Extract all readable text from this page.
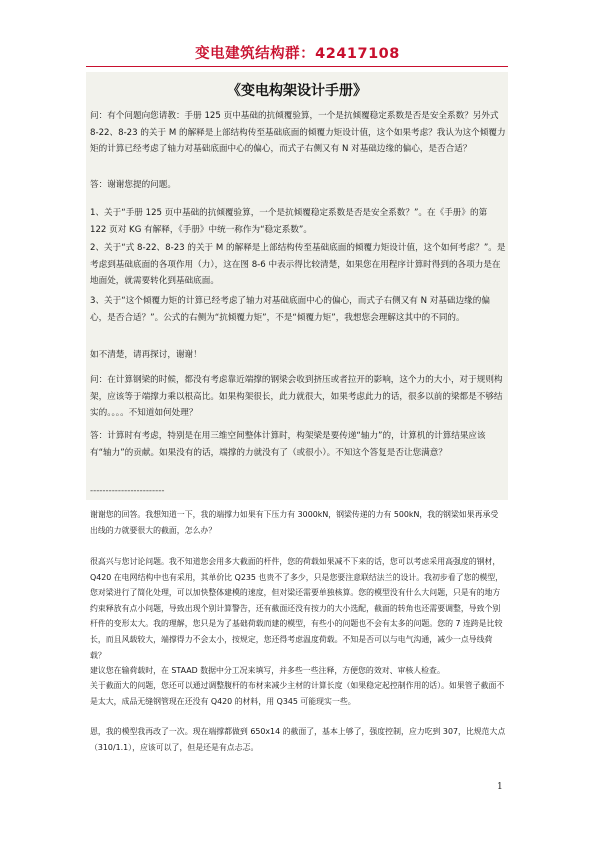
变电建筑结构群：42417108
《变电构架设计手册》

问：有个问题向您请教：手册 125 页中基础的抗倾覆验算，一个是抗倾覆稳定系数是否是安全系数？另外式 8-22、8-23 的关于 M 的解释是上部结构传至基础底面的倾覆力矩设计值，这个如果考虑？我认为这个倾覆力矩的计算已经考虑了轴力对基础底面中心的偏心，而式子右侧又有 N 对基础边缘的偏心，是否合适？

答：谢谢您提的问题。

1、关于“手册 125 页中基础的抗倾覆验算，一个是抗倾覆稳定系数是否是安全系数？”。在《手册》的第 122 页对 KG 有解释，《手册》中统一称作为“稳定系数”。

2、关于“式 8-22、8-23 的关于 M 的解释是上部结构传至基础底面的倾覆力矩设计值，这个如何考虑？”。是考虑到基础底面的各项作用（力），这在图 8-6 中表示得比较清楚，如果您在用程序计算时得到的各项力是在地面处，就需要转化到基础底面。

3、关于“这个倾覆力矩的计算已经考虑了轴力对基础底面中心的偏心，而式子右侧又有 N 对基础边缘的偏心，是否合适？”。公式的右侧为“抗倾覆力矩”，不是“倾覆力矩”，我想您会理解这其中的不同的。

如不清楚，请再探讨，谢谢！

问：在计算钢梁的时候，都没有考虑靠近端撑的钢梁会收到挤压或者拉开的影响，这个力的大小，对于规则构架，应该等于端撑力乘以根高比。如果构架很长，此力就很大，如果考虑此力的话，很多以前的梁都是不够结实的。。。。不知道如何处理？

答：计算时有考虑，特别是在用三维空间整体计算时，构架梁是要传递“轴力”的，计算机的计算结果应该有“轴力”的贡献。如果没有的话，端撑的力就没有了（或很小）。不知这个答复是否让您满意？

------------------------

谢谢您的回答。我想知道一下，我的端撑力如果有下压力有 3000kN，钢梁传递的力有 500kN，我的钢梁如果再承受出线的力就要很大的截面，怎么办？

很高兴与您讨论问题。我不知道您会用多大截面的杆件，您的荷载如果减不下来的话，您可以考虑采用高强度的钢材，Q420 在电网结构中也有采用，其单价比 Q235 也贵不了多少，只是您要注意联结法兰的设计。我初步看了您的模型，您对梁进行了简化处理，可以加快整体建模的速度，但对梁还需要单独核算。您的模型没有什么大问题，只是有的地方约束释放有点小问题，导致出现个别计算警告，还有截面还没有按力的大小选配，截面的转角也还需要调整，导致个别杆件的变形太大。我的理解，您只是为了基础荷载而建的模型，有些小的问题也不会有太多的问题。您的 7 连跨是比较长，而且风载较大，端撑得力不会太小，按规定，您还得考虑温度荷载。不知是否可以与电气沟通，减少一点导线荷载？

建议您在输荷载时，在 STAAD 数据中分工况来填写，并多些一些注释，方便您的效对、审核人检查。

关于截面大的问题，您还可以通过调整腹杆的布材来减少主材的计算长度（如果稳定起控制作用的话）。如果管子截面不是太大，成品无缝钢管现在还没有 Q420 的材料，用 Q345 可能现实一些。

恩，我的模型我再改了一次。现在端撑都做到 650x14 的截面了，基本上够了，强度控制，应力吃到 307，比规范大点（310/1.1），应该可以了，但是还是有点忐忑。

1
